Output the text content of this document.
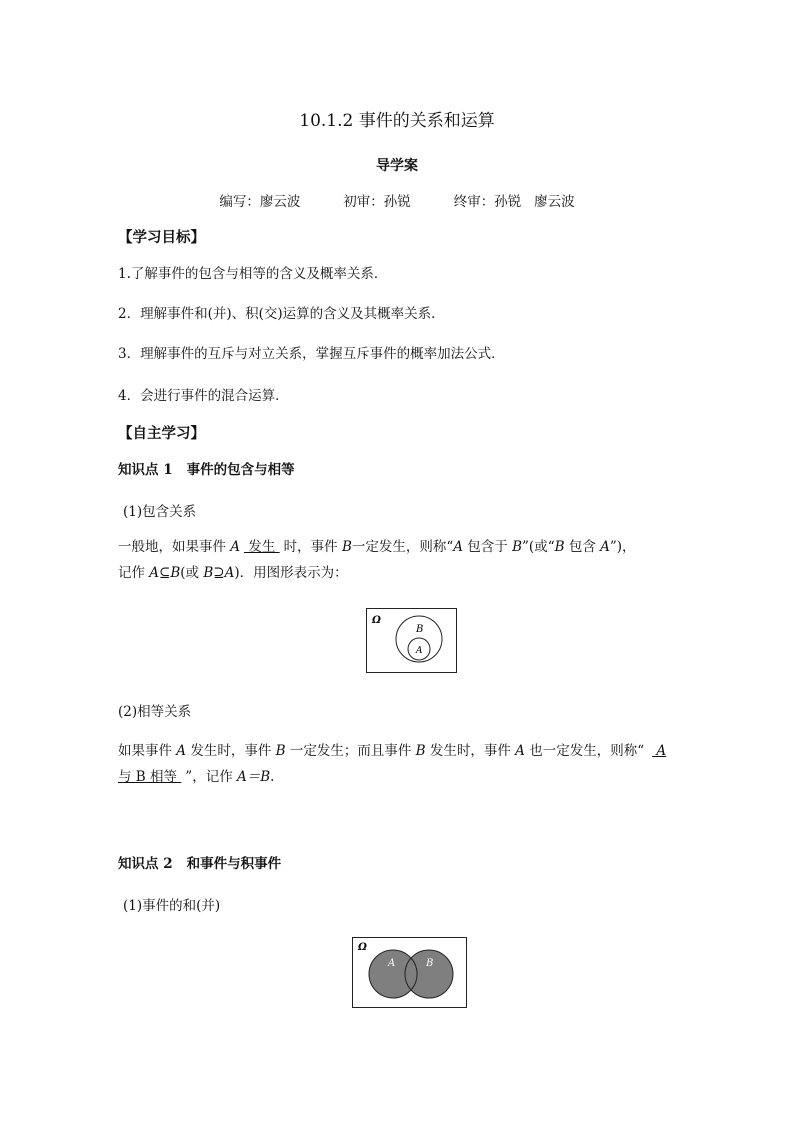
10.1.2 事件的关系和运算
导学案
编写：廖云波          初审：孙锐          终审：孙锐   廖云波
【学习目标】
1.了解事件的包含与相等的含义及概率关系．
2．理解事件和(并)、积(交)运算的含义及其概率关系．
3．理解事件的互斥与对立关系，掌握互斥事件的概率加法公式．
4．会进行事件的混合运算．
【自主学习】
知识点 1 事件的包含与相等
(1)包含关系
一般地，如果事件 A 发生 时，事件 B一定发生，则称“A 包含于 B”(或“B 包含 A”)，
记作 A⊆B(或 B⊇A)．用图形表示为：
Ω
B
A
(2)相等关系
如果事件 A 发生时，事件 B 一定发生；而且事件 B 发生时，事件 A 也一定发生，则称“ A
与 B 相等 ”，记作 A＝B.
知识点 2 和事件与积事件
(1)事件的和(并)
Ω
A	B
